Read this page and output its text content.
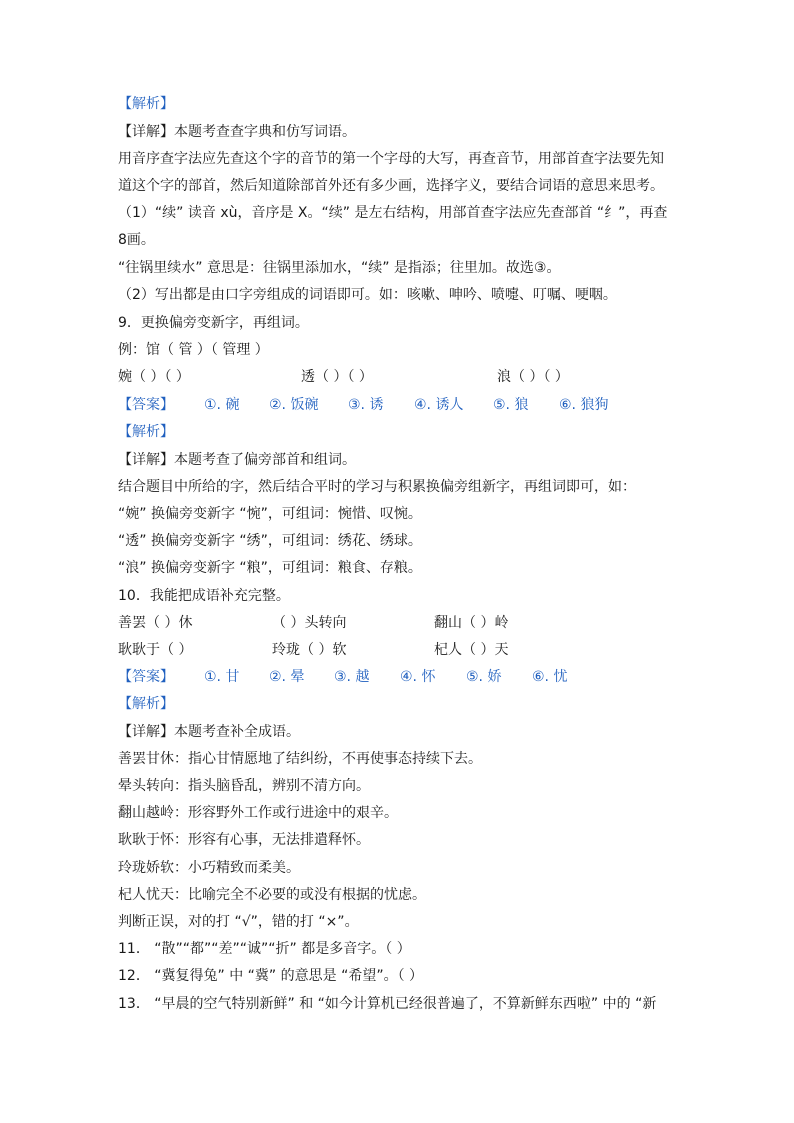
【解析】
【详解】本题考查查字典和仿写词语。
用音序查字法应先查这个字的音节的第一个字母的大写，再查音节，用部首查字法要先知
道这个字的部首，然后知道除部首外还有多少画，选择字义，要结合词语的意思来思考。
（1）“续” 读音 xù，音序是 X。“续” 是左右结构，用部首查字法应先查部首 “纟”，再查
8画。
“往锅里续水” 意思是：往锅里添加水，“续” 是指添；往里加。故选③。
（2）写出都是由口字旁组成的词语即可。如：咳嗽、呻吟、喷嚏、叮嘱、哽咽。
9．更换偏旁变新字，再组词。
例：馆（ 管 ）（ 管理 ）
婉（ ）（ ）	透（ ）（ ）	浪（ ）（ ）
【答案】 ①. 碗 ②. 饭碗 ③. 诱 ④. 诱人 ⑤. 狼 ⑥. 狼狗
【解析】
【详解】本题考查了偏旁部首和组词。
结合题目中所给的字，然后结合平时的学习与积累换偏旁组新字，再组词即可，如：
“婉” 换偏旁变新字 “惋”，可组词：惋惜、叹惋。
“透” 换偏旁变新字 “绣”，可组词：绣花、绣球。
“浪” 换偏旁变新字 “粮”，可组词：粮食、存粮。
10．我能把成语补充完整。
善罢（ ）休	（ ）头转向	翻山（ ）岭
耿耿于（ ）	玲珑（ ）软	杞人（ ）天
【答案】 ①. 甘 ②. 晕 ③. 越 ④. 怀 ⑤. 娇 ⑥. 忧
【解析】
【详解】本题考查补全成语。
善罢甘休：指心甘情愿地了结纠纷，不再使事态持续下去。
晕头转向：指头脑昏乱，辨别不清方向。
翻山越岭：形容野外工作或行进途中的艰辛。
耿耿于怀：形容有心事，无法排遣释怀。
玲珑娇软：小巧精致而柔美。
杞人忧天：比喻完全不必要的或没有根据的忧虑。
判断正误，对的打 “√”，错的打 “×”。
11． “散”“都”“差”“诚”“折” 都是多音字。（ ）
12． “冀复得兔” 中 “冀” 的意思是 “希望”。（ ）
13． “早晨的空气特别新鲜” 和 “如今计算机已经很普遍了，不算新鲜东西啦” 中的 “新
